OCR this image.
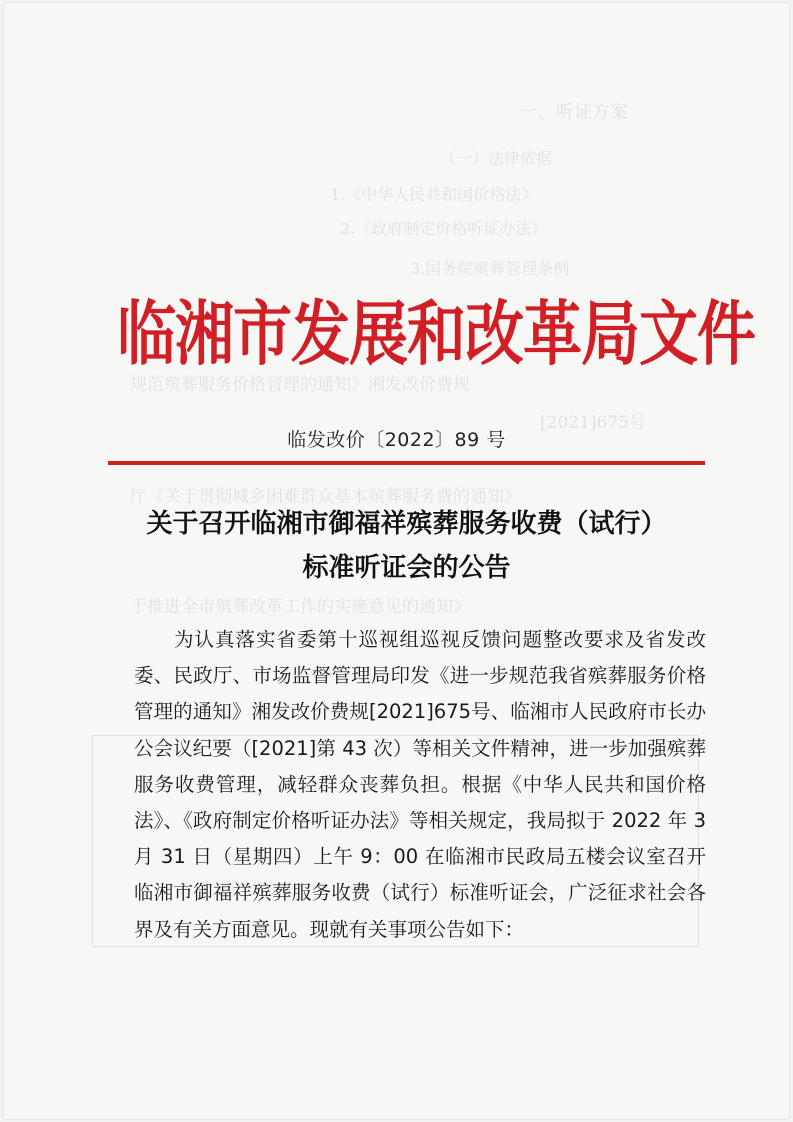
临湘市发展和改革局文件
临发改价〔2022〕89 号
关于召开临湘市御福祥殡葬服务收费（试行）
标准听证会的公告

为认真落实省委第十巡视组巡视反馈问题整改要求及省发改委、民政厅、市场监督管理局印发《进一步规范我省殡葬服务价格管理的通知》湘发改价费规[2021]675号、临湘市人民政府市长办公会议纪要（[2021]第 43 次）等相关文件精神，进一步加强殡葬服务收费管理，减轻群众丧葬负担。根据《中华人民共和国价格法》、《政府制定价格听证办法》等相关规定，我局拟于 2022 年 3 月 31 日（星期四）上午 9：00 在临湘市民政局五楼会议室召开临湘市御福祥殡葬服务收费（试行）标准听证会，广泛征求社会各界及有关方面意见。现就有关事项公告如下：
